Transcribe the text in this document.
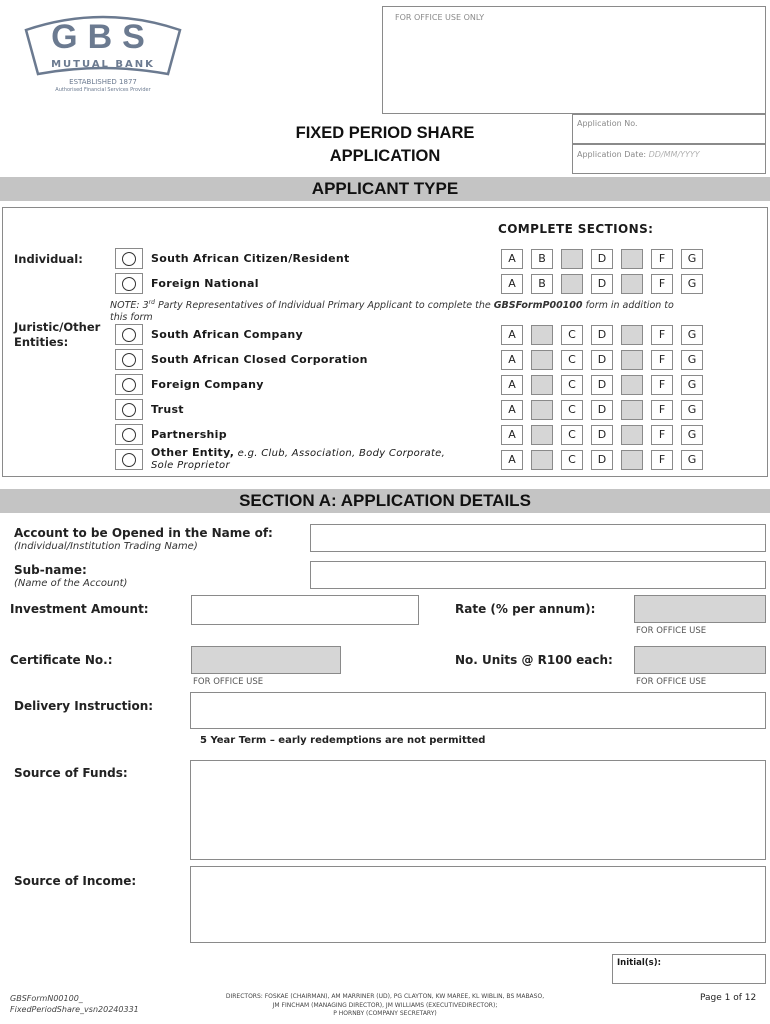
GBS
MUTUAL BANK
ESTABLISHED 1877
Authorised Financial Services Provider
FOR OFFICE USE ONLY
FIXED PERIOD SHARE
APPLICATION
Application No.
Application Date: DD/MM/YYYY
APPLICANT TYPE
COMPLETE SECTIONS:
Individual:
Juristic/Other
Entities:
NOTE: 3rd Party Representatives of Individual Primary Applicant to complete the GBSFormP00100 form in addition to
this form
South African Citizen/Resident	A	B	D	F	G
Foreign National	A	B	D	F	G
South African Company	A	C	D	F	G
South African Closed Corporation	A	C	D	F	G
Foreign Company	A	C	D	F	G
Trust	A	C	D	F	G
Partnership	A	C	D	F	G
Other Entity, e.g. Club, Association, Body Corporate,
Sole Proprietor	A	C	D	F	G
SECTION A: APPLICATION DETAILS
Account to be Opened in the Name of:
(Individual/Institution Trading Name)
Sub-name:
(Name of the Account)
Investment Amount:	Rate (% per annum):
FOR OFFICE USE
Certificate No.:
FOR OFFICE USE
No. Units @ R100 each:
FOR OFFICE USE
Delivery Instruction:
5 Year Term – early redemptions are not permitted
Source of Funds:
Source of Income:
Initial(s):
GBSFormN00100_
FixedPeriodShare_vsn20240331
DIRECTORS: FOSKAE (CHAIRMAN), AM MARRINER (UD), PG CLAYTON, KW MAREE, KL WIBLIN, BS MABASO,
JM FINCHAM (MANAGING DIRECTOR), JM WILLIAMS (EXECUTIVEDIRECTOR);
P HORNBY (COMPANY SECRETARY)
Page 1 of 12
